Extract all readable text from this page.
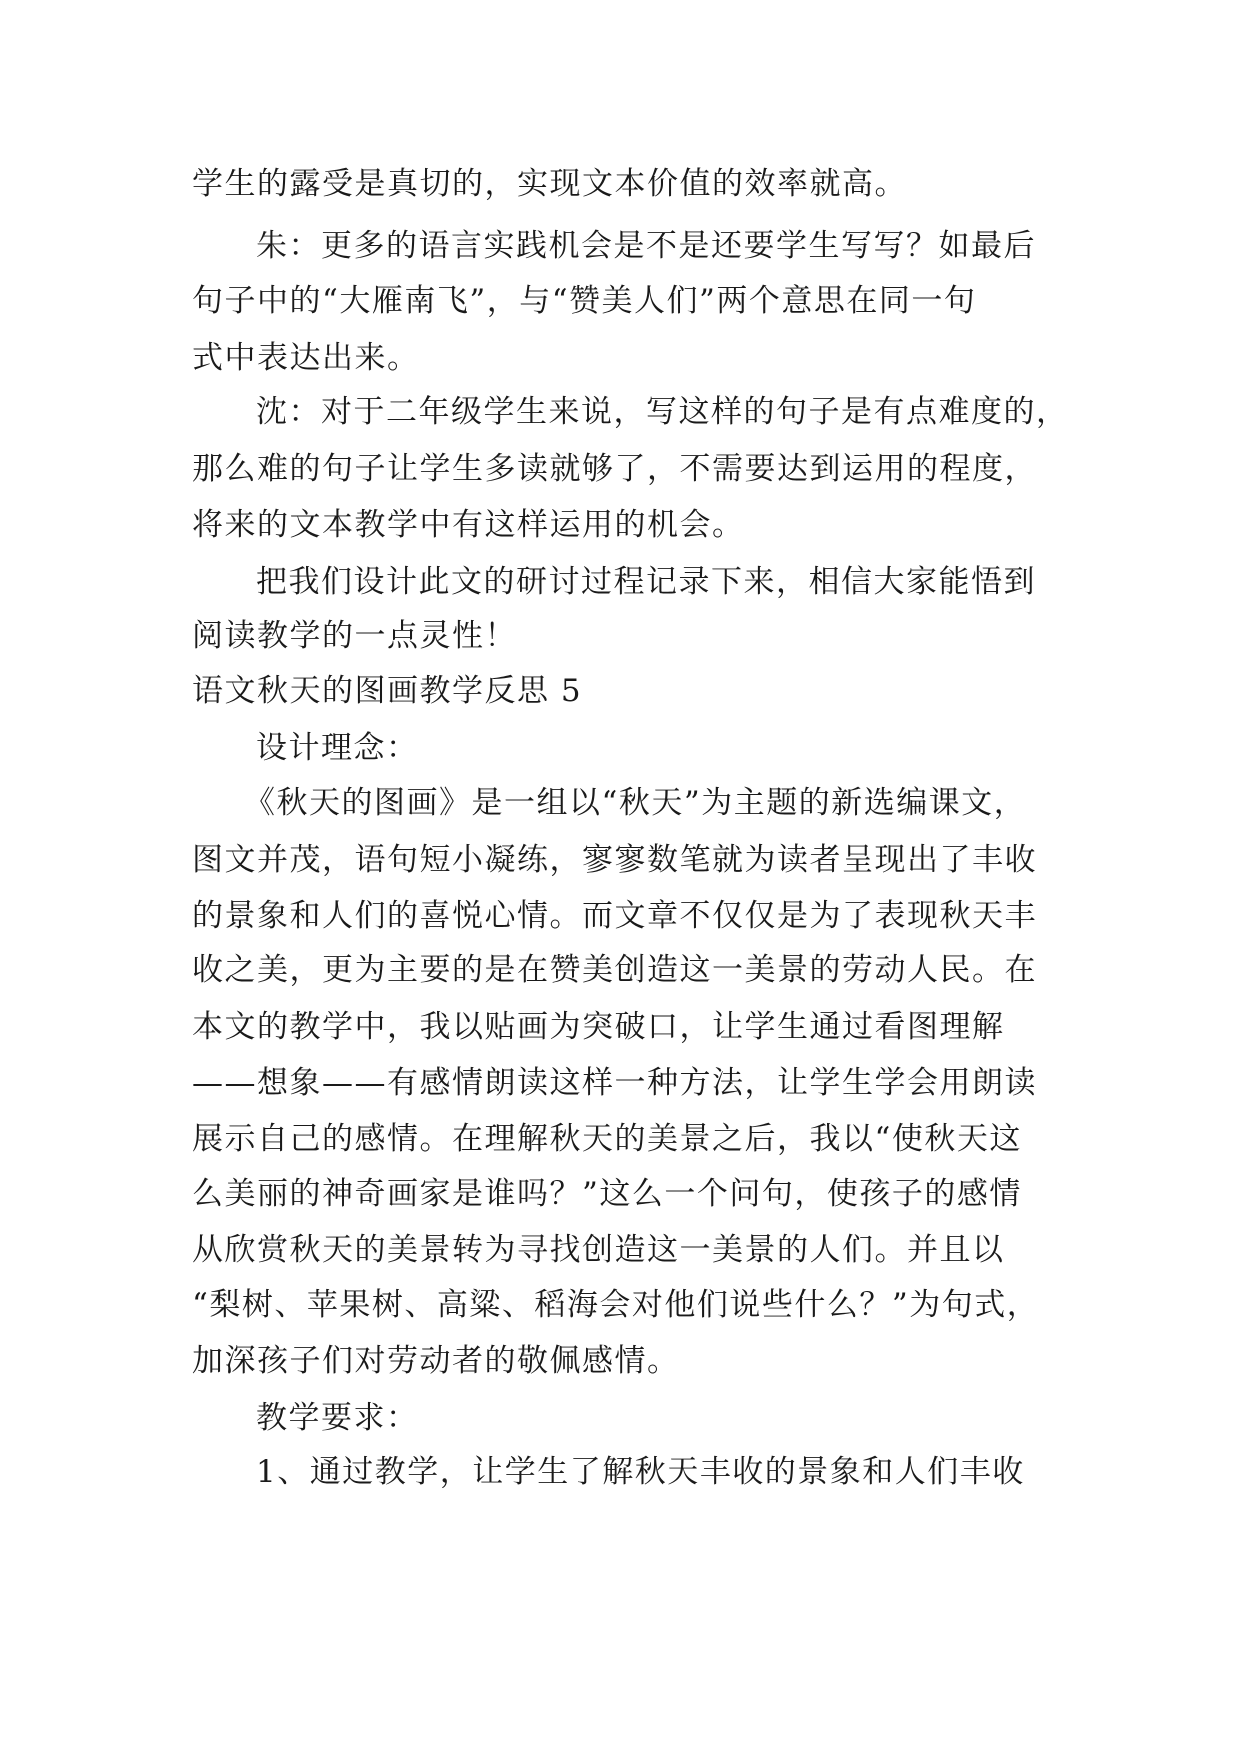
学生的露受是真切的，实现文本价值的效率就高。
朱：更多的语言实践机会是不是还要学生写写？如最后
句子中的“大雁南飞”，与“赞美人们”两个意思在同一句
式中表达出来。
沈：对于二年级学生来说，写这样的句子是有点难度的，
那么难的句子让学生多读就够了，不需要达到运用的程度，
将来的文本教学中有这样运用的机会。
把我们设计此文的研讨过程记录下来，相信大家能悟到
阅读教学的一点灵性！
语文秋天的图画教学反思 5
设计理念：
《秋天的图画》是一组以“秋天”为主题的新选编课文，
图文并茂，语句短小凝练，寥寥数笔就为读者呈现出了丰收
的景象和人们的喜悦心情。而文章不仅仅是为了表现秋天丰
收之美，更为主要的是在赞美创造这一美景的劳动人民。在
本文的教学中，我以贴画为突破口，让学生通过看图理解
——想象——有感情朗读这样一种方法，让学生学会用朗读
展示自己的感情。在理解秋天的美景之后，我以“使秋天这
么美丽的神奇画家是谁吗？”这么一个问句，使孩子的感情
从欣赏秋天的美景转为寻找创造这一美景的人们。并且以
“梨树、苹果树、高粱、稻海会对他们说些什么？”为句式，
加深孩子们对劳动者的敬佩感情。
教学要求：
1、通过教学，让学生了解秋天丰收的景象和人们丰收
